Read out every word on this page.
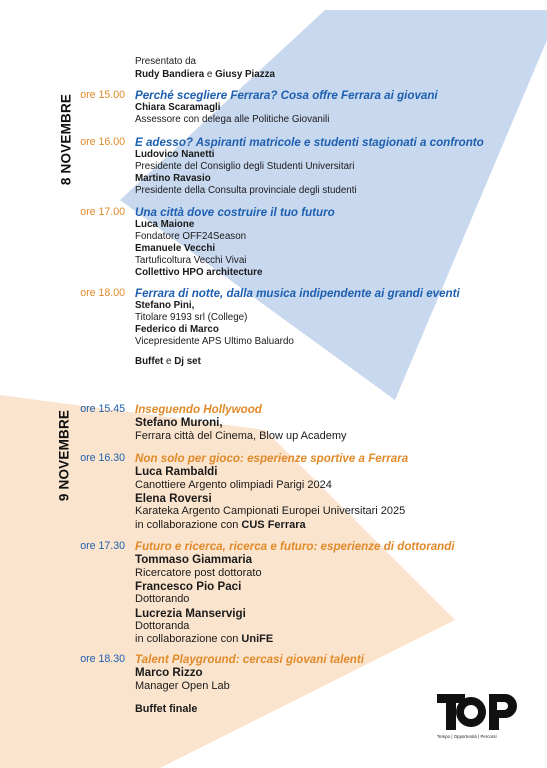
Presentato da
Rudy Bandiera e Giusy Piazza
8 NOVEMBRE
9 NOVEMBRE
ore 15.00 Perché scegliere Ferrara? Cosa offre Ferrara ai giovani
Chiara Scaramagli
Assessore con delega alle Politiche Giovanili
ore 16.00 E adesso? Aspiranti matricole e studenti stagionati a confronto
Ludovico Nanetti
Presidente del Consiglio degli Studenti Universitari
Martino Ravasio
Presidente della Consulta provinciale degli studenti
ore 17.00 Una città dove costruire il tuo futuro
Luca Maione
Fondatore OFF24Season
Emanuele Vecchi
Tartuficoltura Vecchi Vivai
Collettivo HPO architecture
ore 18.00 Ferrara di notte, dalla musica indipendente ai grandi eventi
Stefano Pini,
Titolare 9193 srl (College)
Federico di Marco
Vicepresidente APS Ultimo Baluardo
Buffet e Dj set
ore 15.45 Inseguendo Hollywood
Stefano Muroni,
Ferrara città del Cinema, Blow up Academy
ore 16.30 Non solo per gioco: esperienze sportive a Ferrara
Luca Rambaldi
Canottiere Argento olimpiadi Parigi 2024
Elena Roversi
Karateka Argento Campionati Europei Universitari 2025
in collaborazione con CUS Ferrara
ore 17.30 Futuro e ricerca, ricerca e futuro: esperienze di dottorandi
Tommaso Giammaria
Ricercatore post dottorato
Francesco Pio Paci
Dottorando
Lucrezia Manservigi
Dottoranda
in collaborazione con UniFE
ore 18.30 Talent Playground: cercasi giovani talenti
Marco Rizzo
Manager Open Lab
Buffet finale
Tempo | Opportunità | Percorsi
